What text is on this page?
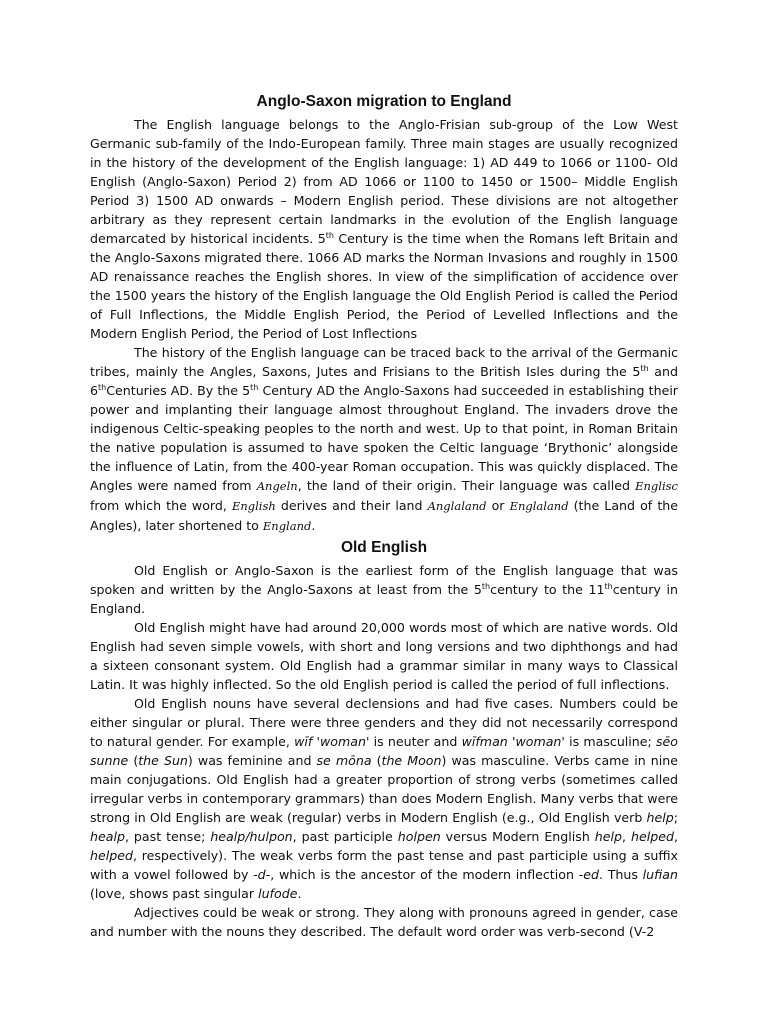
Anglo-Saxon migration to England

The English language belongs to the Anglo-Frisian sub-group of the Low West Germanic sub-family of the Indo-European family. Three main stages are usually recognized in the history of the development of the English language: 1) AD 449 to 1066 or 1100- Old English (Anglo-Saxon) Period 2) from AD 1066 or 1100 to 1450 or 1500– Middle English Period 3) 1500 AD onwards – Modern English period. These divisions are not altogether arbitrary as they represent certain landmarks in the evolution of the English language demarcated by historical incidents. 5th Century is the time when the Romans left Britain and the Anglo-Saxons migrated there. 1066 AD marks the Norman Invasions and roughly in 1500 AD renaissance reaches the English shores. In view of the simplification of accidence over the 1500 years the history of the English language the Old English Period is called the Period of Full Inflections, the Middle English Period, the Period of Levelled Inflections and the Modern English Period, the Period of Lost Inflections

The history of the English language can be traced back to the arrival of the Germanic tribes, mainly the Angles, Saxons, Jutes and Frisians to the British Isles during the 5th and 6thCenturies AD. By the 5th Century AD the Anglo-Saxons had succeeded in establishing their power and implanting their language almost throughout England. The invaders drove the indigenous Celtic-speaking peoples to the north and west. Up to that point, in Roman Britain the native population is assumed to have spoken the Celtic language ‘Brythonic’ alongside the influence of Latin, from the 400-year Roman occupation. This was quickly displaced. The Angles were named from Angeln, the land of their origin. Their language was called Englisc from which the word, English derives and their land Anglaland or Englaland (the Land of the Angles), later shortened to England.

Old English

Old English or Anglo-Saxon is the earliest form of the English language that was spoken and written by the Anglo-Saxons at least from the 5thcentury to the 11thcentury in England.

Old English might have had around 20,000 words most of which are native words. Old English had seven simple vowels, with short and long versions and two diphthongs and had a sixteen consonant system. Old English had a grammar similar in many ways to Classical Latin. It was highly inflected. So the old English period is called the period of full inflections.

Old English nouns have several declensions and had five cases. Numbers could be either singular or plural. There were three genders and they did not necessarily correspond to natural gender. For example, wīf 'woman' is neuter and wīfman 'woman' is masculine; sēo sunne (the Sun) was feminine and se mōna (the Moon) was masculine. Verbs came in nine main conjugations. Old English had a greater proportion of strong verbs (sometimes called irregular verbs in contemporary grammars) than does Modern English. Many verbs that were strong in Old English are weak (regular) verbs in Modern English (e.g., Old English verb help; healp, past tense; healp/hulpon, past participle holpen versus Modern English help, helped, helped, respectively). The weak verbs form the past tense and past participle using a suffix with a vowel followed by -d-, which is the ancestor of the modern inflection -ed. Thus lufian (love, shows past singular lufode.

Adjectives could be weak or strong. They along with pronouns agreed in gender, case and number with the nouns they described. The default word order was verb-second (V-2
